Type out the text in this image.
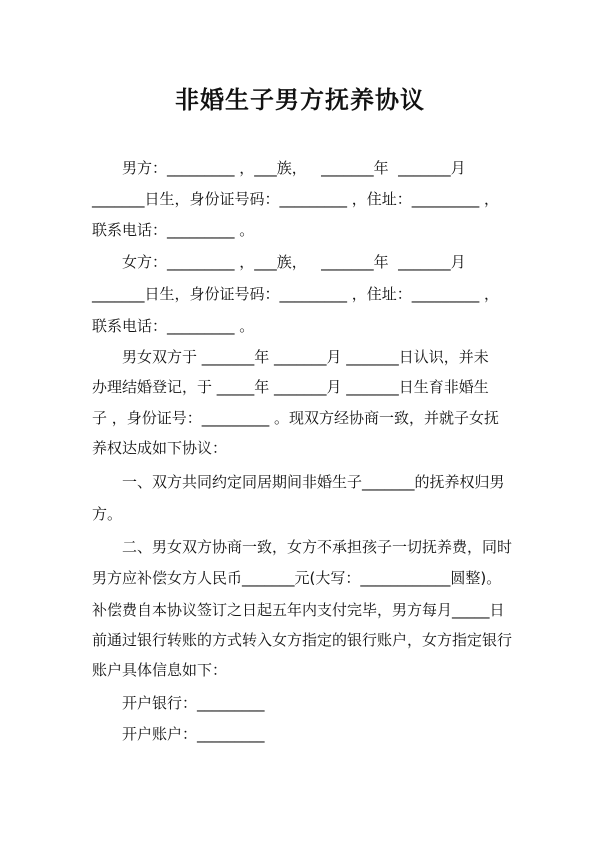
非婚生子男方抚养协议

男方：_________ ，___族，   _______年  _______月

_______日生，身份证号码：_________ ，住址：_________ ，

联系电话：_________ 。

女方：_________ ，___族，   _______年  _______月

_______日生，身份证号码：_________ ，住址：_________ ，

联系电话：_________ 。

男女双方于 _______年 _______月 _______日认识，并未

办理结婚登记，于 _____年 _______月 _______日生育非婚生

子 ，身份证号：_________ 。现双方经协商一致，并就子女抚

养权达成如下协议：

一、双方共同约定同居期间非婚生子_______的抚养权归男

方。

二、男女双方协商一致，女方不承担孩子一切抚养费，同时

男方应补偿女方人民币_______元(大写：____________圆整)。

补偿费自本协议签订之日起五年内支付完毕，男方每月_____日

前通过银行转账的方式转入女方指定的银行账户，女方指定银行

账户具体信息如下：

开户银行：_________

开户账户：_________
